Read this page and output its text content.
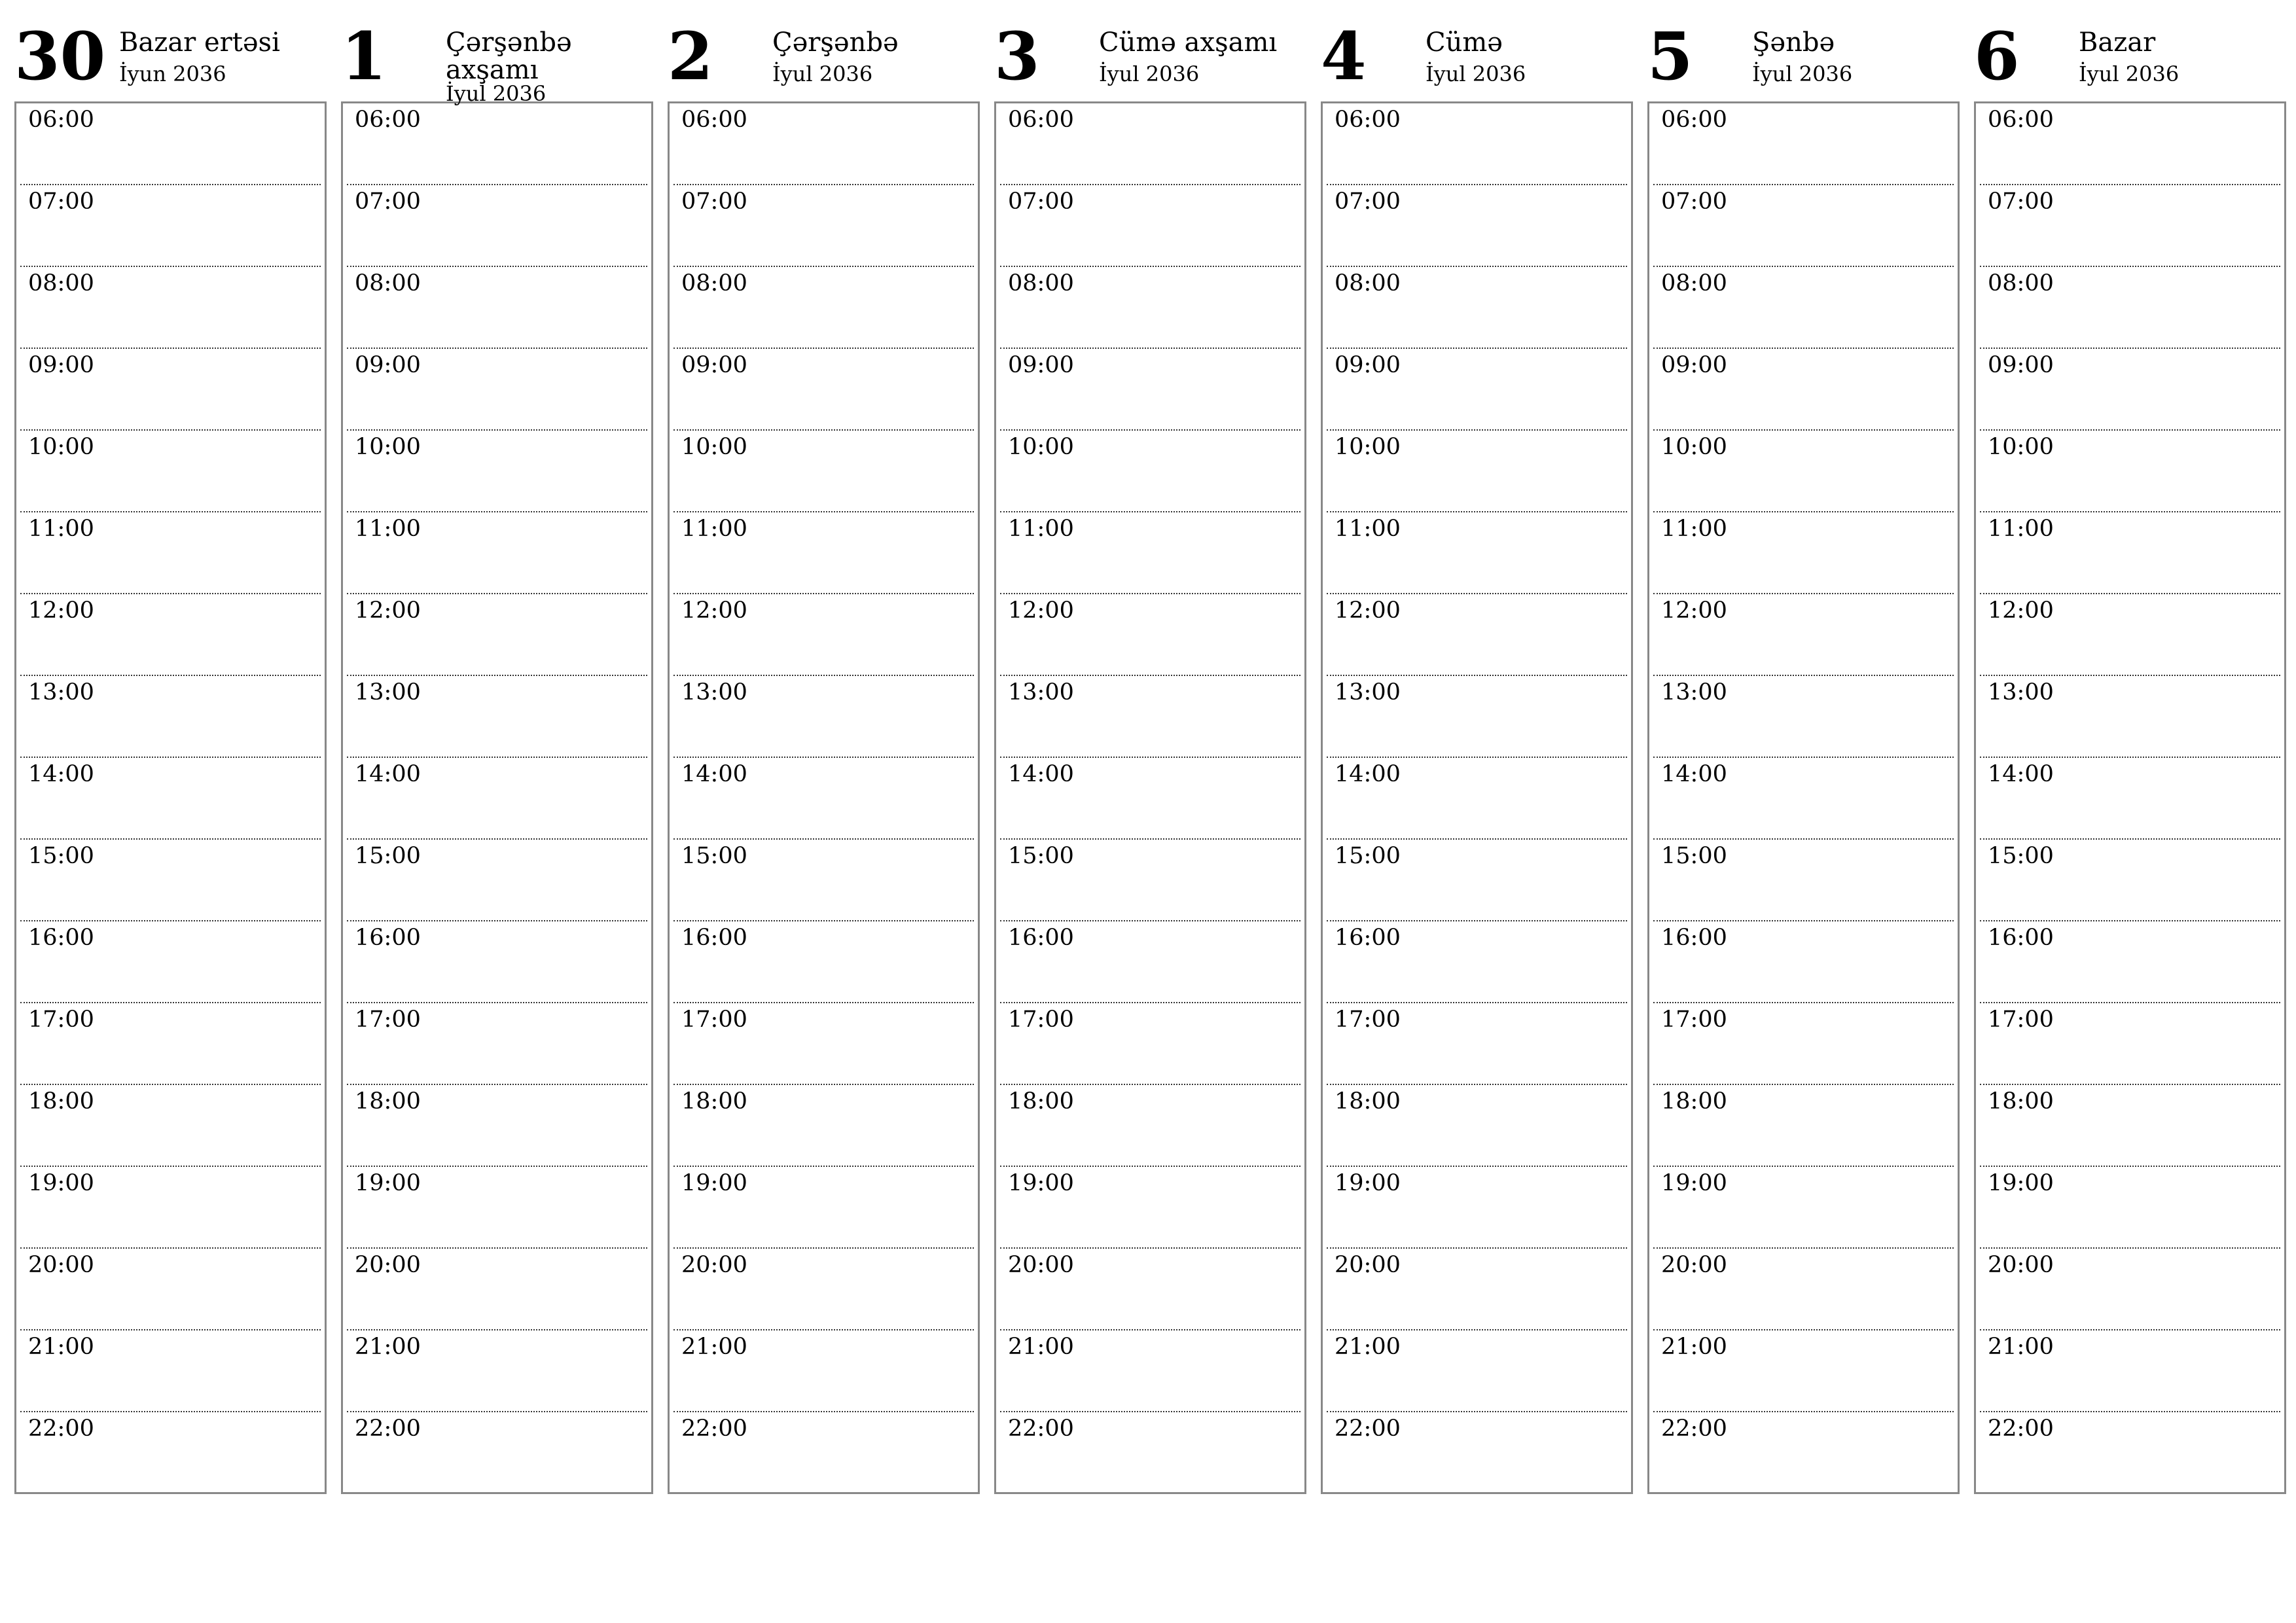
30 Bazar ertəsi
İyun 2036
06:00
07:00
08:00
09:00
10:00
11:00
12:00
13:00
14:00
15:00
16:00
17:00
18:00
19:00
20:00
21:00
22:00
1	Çərşənbə axşamı
İyul 2036
06:00
07:00
08:00
09:00
10:00
11:00
12:00
13:00
14:00
15:00
16:00
17:00
18:00
19:00
20:00
21:00
22:00
2	Çərşənbə
İyul 2036
06:00
07:00
08:00
09:00
10:00
11:00
12:00
13:00
14:00
15:00
16:00
17:00
18:00
19:00
20:00
21:00
22:00
3	Cümə axşamı
İyul 2036
06:00
07:00
08:00
09:00
10:00
11:00
12:00
13:00
14:00
15:00
16:00
17:00
18:00
19:00
20:00
21:00
22:00
4	Cümə
İyul 2036
06:00
07:00
08:00
09:00
10:00
11:00
12:00
13:00
14:00
15:00
16:00
17:00
18:00
19:00
20:00
21:00
22:00
5	Şənbə
İyul 2036
06:00
07:00
08:00
09:00
10:00
11:00
12:00
13:00
14:00
15:00
16:00
17:00
18:00
19:00
20:00
21:00
22:00
6	Bazar
İyul 2036
06:00
07:00
08:00
09:00
10:00
11:00
12:00
13:00
14:00
15:00
16:00
17:00
18:00
19:00
20:00
21:00
22:00
